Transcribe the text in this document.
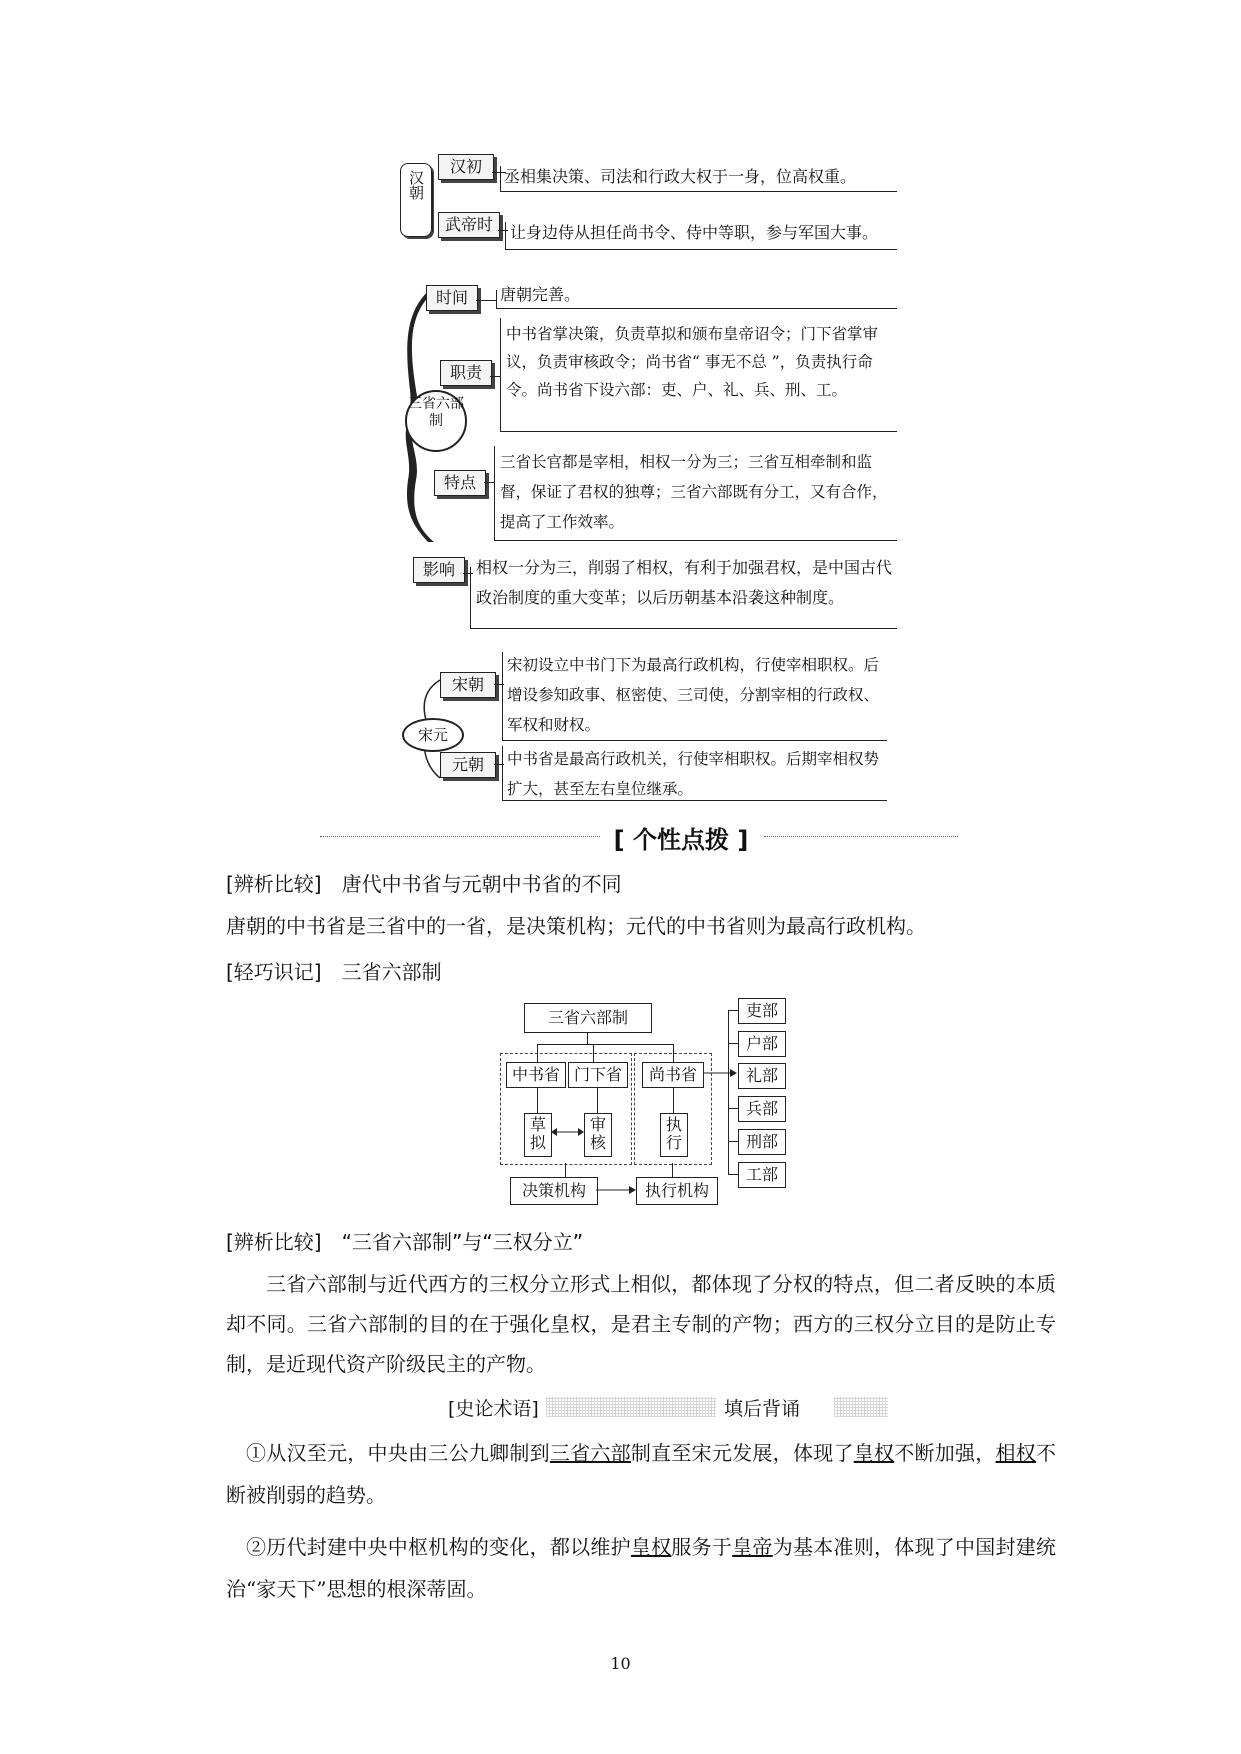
汉朝
汉初
丞相集决策、司法和行政大权于一身，位高权重。
武帝时	让身边侍从担任尚书令、侍中等职，参与军国大事。
三省六部制
时间	唐朝完善。
职责
中书省掌决策，负责草拟和颁布皇帝诏令；门下省掌审议，负责审核政令；尚书省“ 事无不总 ”，负责执行命令。尚书省下设六部：吏、户、礼、兵、刑、工。
特点
三省长官都是宰相，相权一分为三；三省互相牵制和监督，保证了君权的独尊；三省六部既有分工，又有合作，提高了工作效率。
影响	相权一分为三，削弱了相权，有利于加强君权，是中国古代政治制度的重大变革；以后历朝基本沿袭这种制度。
宋元
宋朝
宋初设立中书门下为最高行政机构，行使宰相职权。后增设参知政事、枢密使、三司使，分割宰相的行政权、军权和财权。
元朝	中书省是最高行政机关，行使宰相职权。后期宰相权势扩大，甚至左右皇位继承。
[ 个性点拨 ]
[辨析比较]　唐代中书省与元朝中书省的不同
唐朝的中书省是三省中的一省，是决策机构；元代的中书省则为最高行政机构。
[轻巧识记]　三省六部制
三省六部制
中书省 门下省	尚书省
草拟
审核
执行
决策机构	执行机构
吏部
户部
礼部
兵部
刑部
工部
[辨析比较]　“三省六部制”与“三权分立”
三省六部制与近代西方的三权分立形式上相似，都体现了分权的特点，但二者反映的本质却不同。三省六部制的目的在于强化皇权，是君主专制的产物；西方的三权分立目的是防止专制，是近现代资产阶级民主的产物。
[史论术语]	填后背诵
①从汉至元，中央由三公九卿制到三省六部制直至宋元发展，体现了皇权不断加强，相权不断被削弱的趋势。
②历代封建中央中枢机构的变化，都以维护皇权服务于皇帝为基本准则，体现了中国封建统治“家天下”思想的根深蒂固。
10
